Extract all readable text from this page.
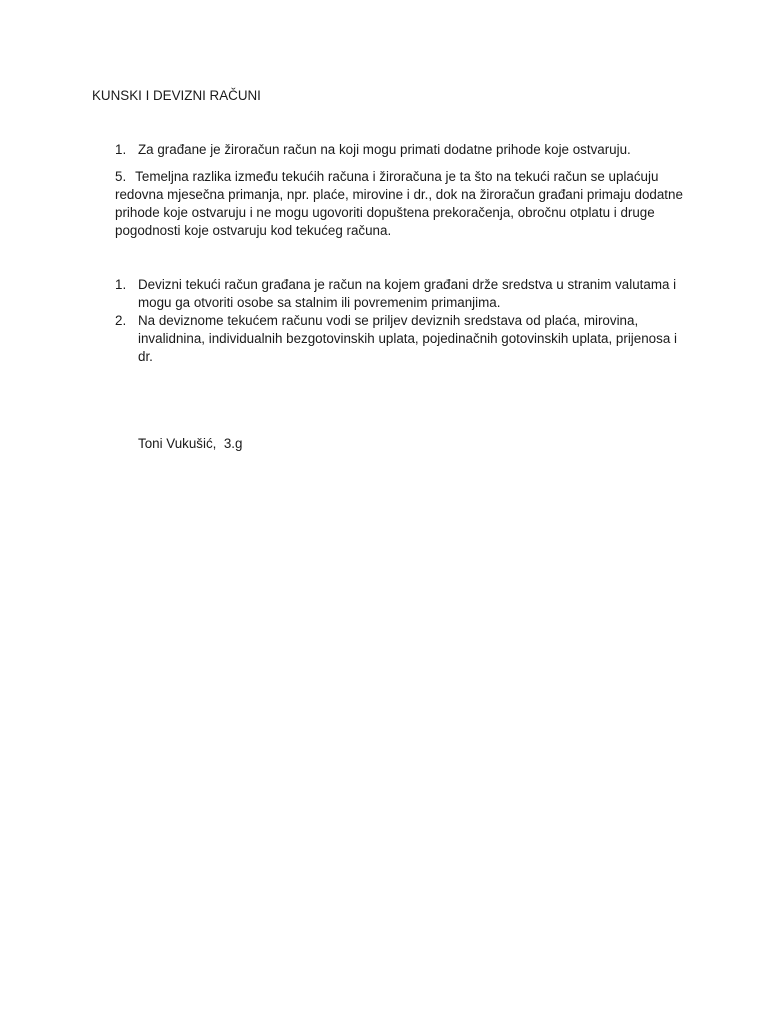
KUNSKI I DEVIZNI RAČUNI
1. Za građane je žiroračun račun na koji mogu primati dodatne prihode koje ostvaruju.
5. Temeljna razlika između tekućih računa i žiroračuna je ta što na tekući račun se uplaćuju redovna mjesečna primanja, npr. plaće, mirovine i dr., dok na žiroračun građani primaju dodatne prihode koje ostvaruju i ne mogu ugovoriti dopuštena prekoračenja, obročnu otplatu i druge pogodnosti koje ostvaruju kod tekućeg računa.
1. Devizni tekući račun građana je račun na kojem građani drže sredstva u stranim valutama i mogu ga otvoriti osobe sa stalnim ili povremenim primanjima.
2. Na deviznome tekućem računu vodi se priljev deviznih sredstava od plaća, mirovina, invalidnina, individualnih bezgotovinskih uplata, pojedinačnih gotovinskih uplata, prijenosa i dr.
Toni Vukušić,  3.g
